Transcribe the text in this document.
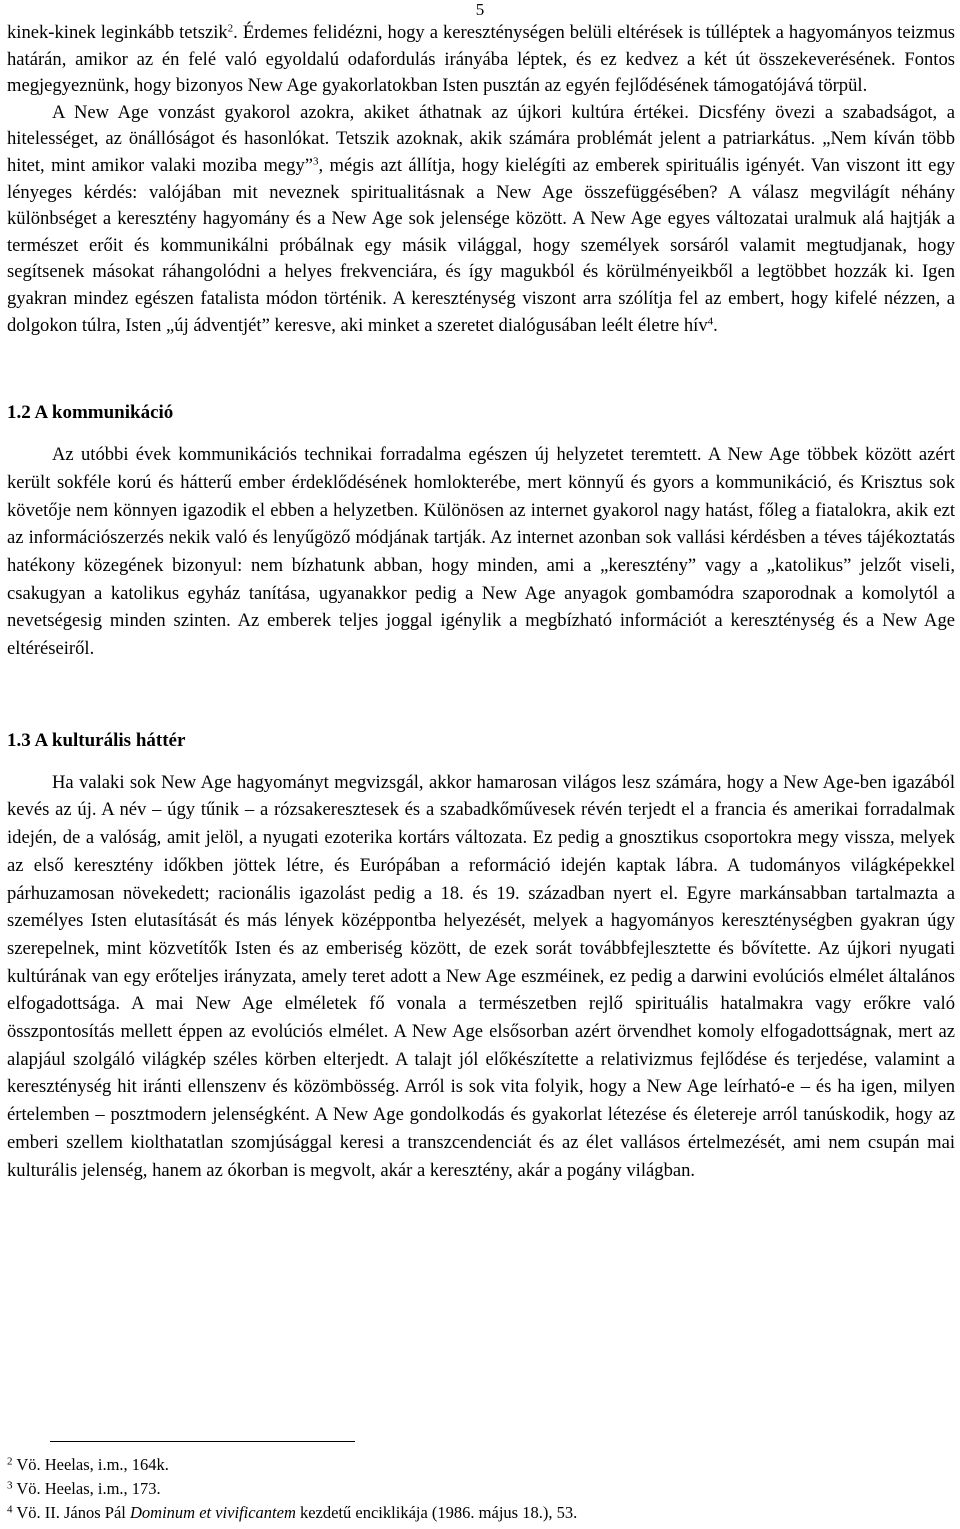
5

kinek-kinek leginkább tetszik$^2$. Érdemes felidézni, hogy a kereszténységen belüli eltérések is túlléptek a hagyományos teizmus határán, amikor az én felé való egyoldalú odafordulás irányába léptek, és ez kedvez a két út összekeverésének. Fontos megjegyeznünk, hogy bizonyos New Age gyakorlatokban Isten pusztán az egyén fejlődésének támogatójává törpül.

A New Age vonzást gyakorol azokra, akiket áthatnak az újkori kultúra értékei. Dicsfény övezi a szabadságot, a hitelességet, az önállóságot és hasonlókat. Tetszik azoknak, akik számára problémát jelent a patriarkátus. „Nem kíván több hitet, mint amikor valaki moziba megy”$^3$, mégis azt állítja, hogy kielégíti az emberek spirituális igényét. Van viszont itt egy lényeges kérdés: valójában mit neveznek spiritualitásnak a New Age összefüggésében? A válasz megvilágít néhány különbséget a keresztény hagyomány és a New Age sok jelensége között. A New Age egyes változatai uralmuk alá hajtják a természet erőit és kommunikálni próbálnak egy másik világgal, hogy személyek sorsáról valamit megtudjanak, hogy segítsenek másokat ráhangolódni a helyes frekvenciára, és így magukból és körülményeikből a legtöbbet hozzák ki. Igen gyakran mindez egészen fatalista módon történik. A kereszténység viszont arra szólítja fel az embert, hogy kifelé nézzen, a dolgokon túlra, Isten „új ádventjét” keresve, aki minket a szeretet dialógusában leélt életre hív$^4$.

1.2 A kommunikáció

Az utóbbi évek kommunikációs technikai forradalma egészen új helyzetet teremtett. A New Age többek között azért került sokféle korú és hátterű ember érdeklődésének homlokterébe, mert könnyű és gyors a kommunikáció, és Krisztus sok követője nem könnyen igazodik el ebben a helyzetben. Különösen az internet gyakorol nagy hatást, főleg a fiatalokra, akik ezt az információszerzés nekik való és lenyűgöző módjának tartják. Az internet azonban sok vallási kérdésben a téves tájékoztatás hatékony közegének bizonyul: nem bízhatunk abban, hogy minden, ami a „keresztény” vagy a „katolikus” jelzőt viseli, csakugyan a katolikus egyház tanítása, ugyanakkor pedig a New Age anyagok gombamódra szaporodnak a komolytól a nevetségesig minden szinten. Az emberek teljes joggal igénylik a megbízható információt a kereszténység és a New Age eltéréseiről.

1.3 A kulturális háttér

Ha valaki sok New Age hagyományt megvizsgál, akkor hamarosan világos lesz számára, hogy a New Age-ben igazából kevés az új. A név – úgy tűnik – a rózsakeresztesek és a szabadkőművesek révén terjedt el a francia és amerikai forradalmak idején, de a valóság, amit jelöl, a nyugati ezoterika kortárs változata. Ez pedig a gnosztikus csoportokra megy vissza, melyek az első keresztény időkben jöttek létre, és Európában a reformáció idején kaptak lábra. A tudományos világképekkel párhuzamosan növekedett; racionális igazolást pedig a 18. és 19. században nyert el. Egyre markánsabban tartalmazta a személyes Isten elutasítását és más lények középpontba helyezését, melyek a hagyományos kereszténységben gyakran úgy szerepelnek, mint közvetítők Isten és az emberiség között, de ezek sorát továbbfejlesztette és bővítette. Az újkori nyugati kultúrának van egy erőteljes irányzata, amely teret adott a New Age eszméinek, ez pedig a darwini evolúciós elmélet általános elfogadottsága. A mai New Age elméletek fő vonala a természetben rejlő spirituális hatalmakra vagy erőkre való összpontosítás mellett éppen az evolúciós elmélet. A New Age elsősorban azért örvendhet komoly elfogadottságnak, mert az alapjául szolgáló világkép széles körben elterjedt. A talajt jól előkészítette a relativizmus fejlődése és terjedése, valamint a kereszténység hit iránti ellenszenv és közömbösség. Arról is sok vita folyik, hogy a New Age leírható-e – és ha igen, milyen értelemben – posztmodern jelenségként. A New Age gondolkodás és gyakorlat létezése és életereje arról tanúskodik, hogy az emberi szellem kiolthatatlan szomjúsággal keresi a transzcendenciát és az élet vallásos értelmezését, ami nem csupán mai kulturális jelenség, hanem az ókorban is megvolt, akár a keresztény, akár a pogány világban.

$^2$ Vö. Heelas, i.m., 164k.

$^3$ Vö. Heelas, i.m., 173.

$^4$ Vö. II. János Pál Dominum et vivificantem kezdetű enciklikája (1986. május 18.), 53.
